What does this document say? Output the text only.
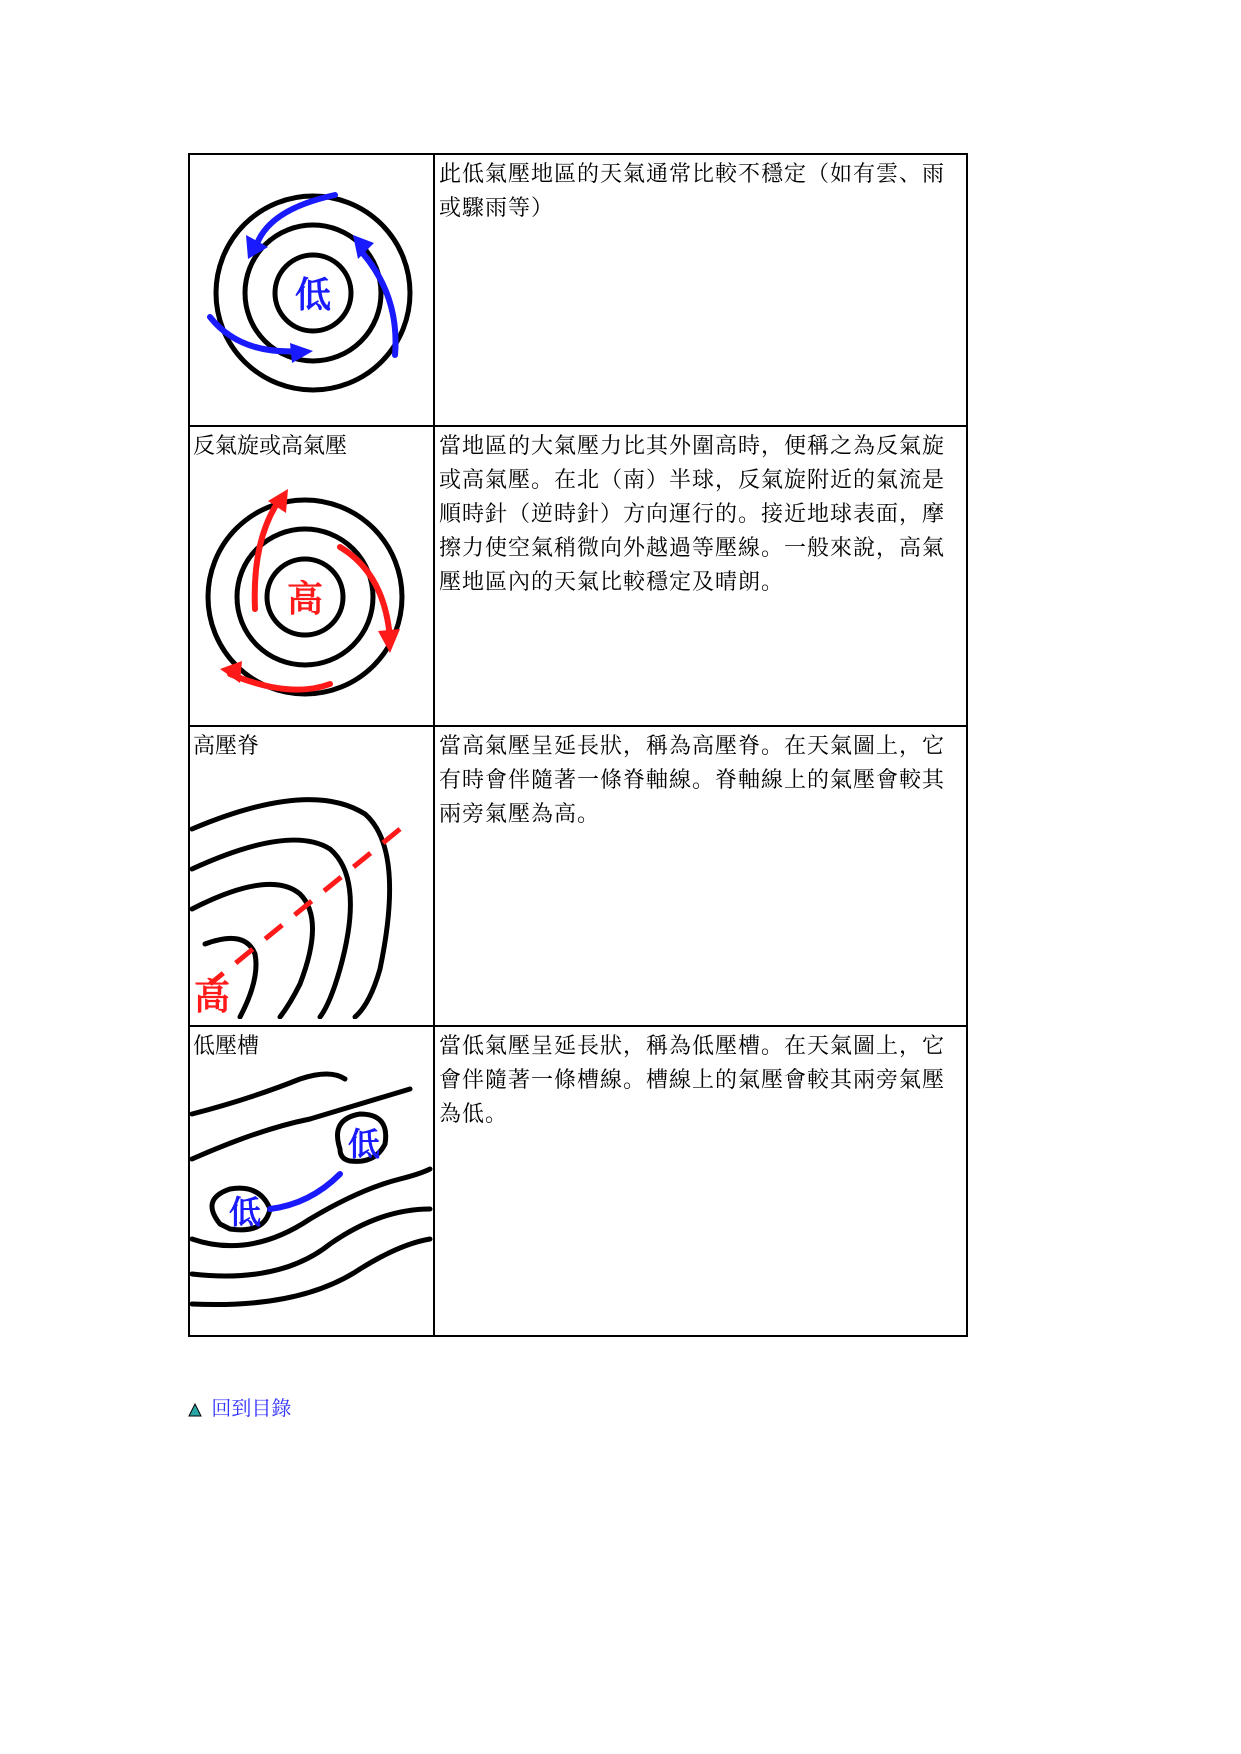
低

此低氣壓地區的天氣通常比較不穩定（如有雲、雨或驟雨等）

反氣旋或高氣壓

高

當地區的大氣壓力比其外圍高時，便稱之為反氣旋或高氣壓。在北（南）半球，反氣旋附近的氣流是順時針（逆時針）方向運行的。接近地球表面，摩擦力使空氣稍微向外越過等壓線。一般來說，高氣壓地區內的天氣比較穩定及晴朗。

高壓脊

高

當高氣壓呈延長狀，稱為高壓脊。在天氣圖上，它有時會伴隨著一條脊軸線。脊軸線上的氣壓會較其兩旁氣壓為高。

低壓槽

低
低

當低氣壓呈延長狀，稱為低壓槽。在天氣圖上，它會伴隨著一條槽線。槽線上的氣壓會較其兩旁氣壓為低。

回到目錄
